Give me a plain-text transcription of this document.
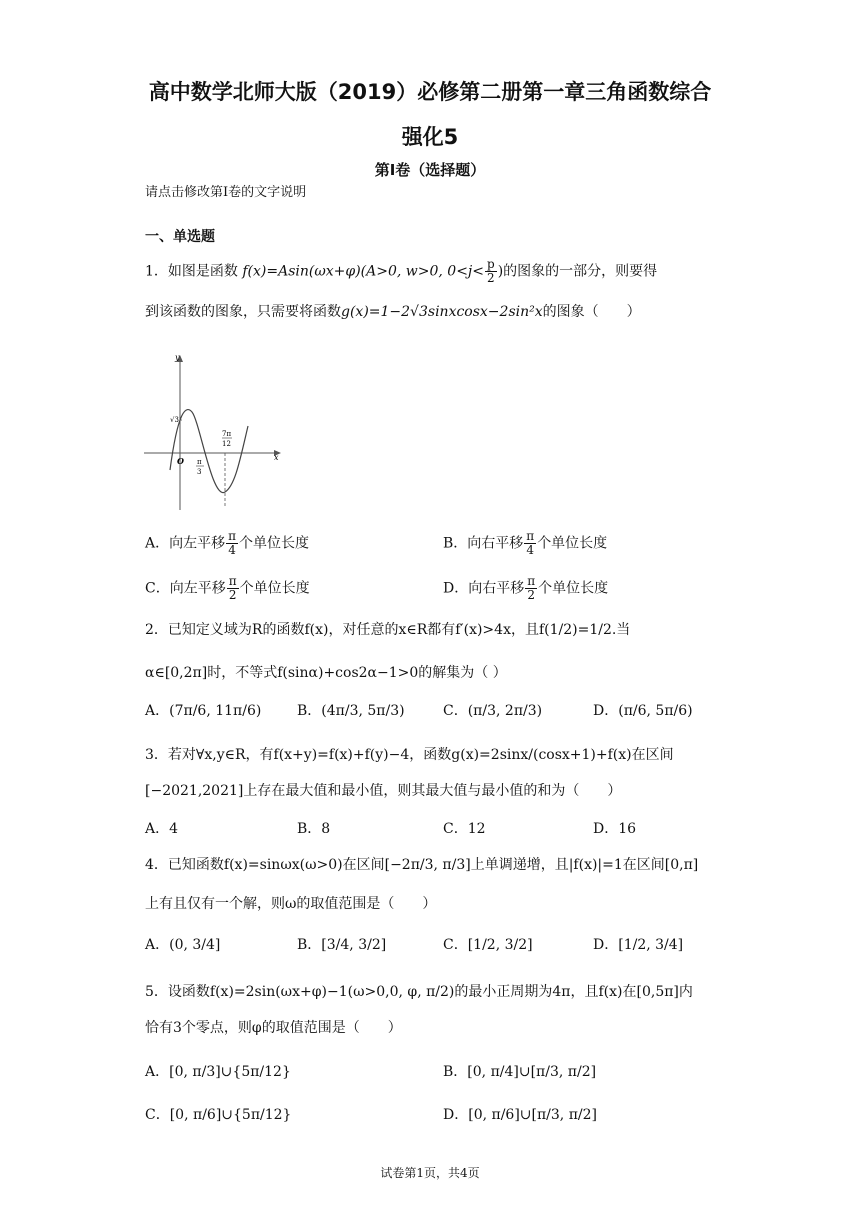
高中数学北师大版（2019）必修第二册第一章三角函数综合
强化5
第I卷（选择题）
请点击修改第I卷的文字说明
一、单选题
1．如图是函数 f(x)=Asin(ωx+φ)(A>0, w>0, $0<j< \frac{p}{2}$ )的图象的一部分，则要得
到该函数的图象，只需要将函数g(x)=1−2√3sinxcosx−2sin²x的图象（　　）
y
x
O
√3
7π
12
π
3
A．向左平移 $\frac{\pi}{4}$ 个单位长度	B．向右平移 $\frac{\pi}{4}$ 个单位长度
C．向左平移 $\frac{\pi}{2}$ 个单位长度	D．向右平移 $\frac{\pi}{2}$ 个单位长度
2．已知定义域为R的函数f(x)，对任意的x∈R都有f′(x)>4x，且f(1/2)=1/2.当
α∈[0,2π]时，不等式f(sinα)+cos2α−1>0的解集为（ ）
A．(7π/6, 11π/6)	B．(4π/3, 5π/3)	C．(π/3, 2π/3)	D．(π/6, 5π/6)
3．若对∀x,y∈R，有f(x+y)=f(x)+f(y)−4，函数g(x)=2sinx/(cosx+1)+f(x)在区间
[−2021,2021]上存在最大值和最小值，则其最大值与最小值的和为（　　）
A．4	B．8	C．12	D．16
4．已知函数f(x)=sinωx(ω>0)在区间[−2π/3, π/3]上单调递增，且|f(x)|=1在区间[0,π]
上有且仅有一个解，则ω的取值范围是（　　）
A．(0, 3/4]	B．[3/4, 3/2]	C．[1/2, 3/2]	D．[1/2, 3/4]
5．设函数f(x)=2sin(ωx+φ)−1(ω>0,0, φ, π/2)的最小正周期为4π，且f(x)在[0,5π]内
恰有3个零点，则φ的取值范围是（　　）
A．[0, π/3]∪{5π/12}	B．[0, π/4]∪[π/3, π/2]
C．[0, π/6]∪{5π/12}	D．[0, π/6]∪[π/3, π/2]
试卷第1页，共4页
